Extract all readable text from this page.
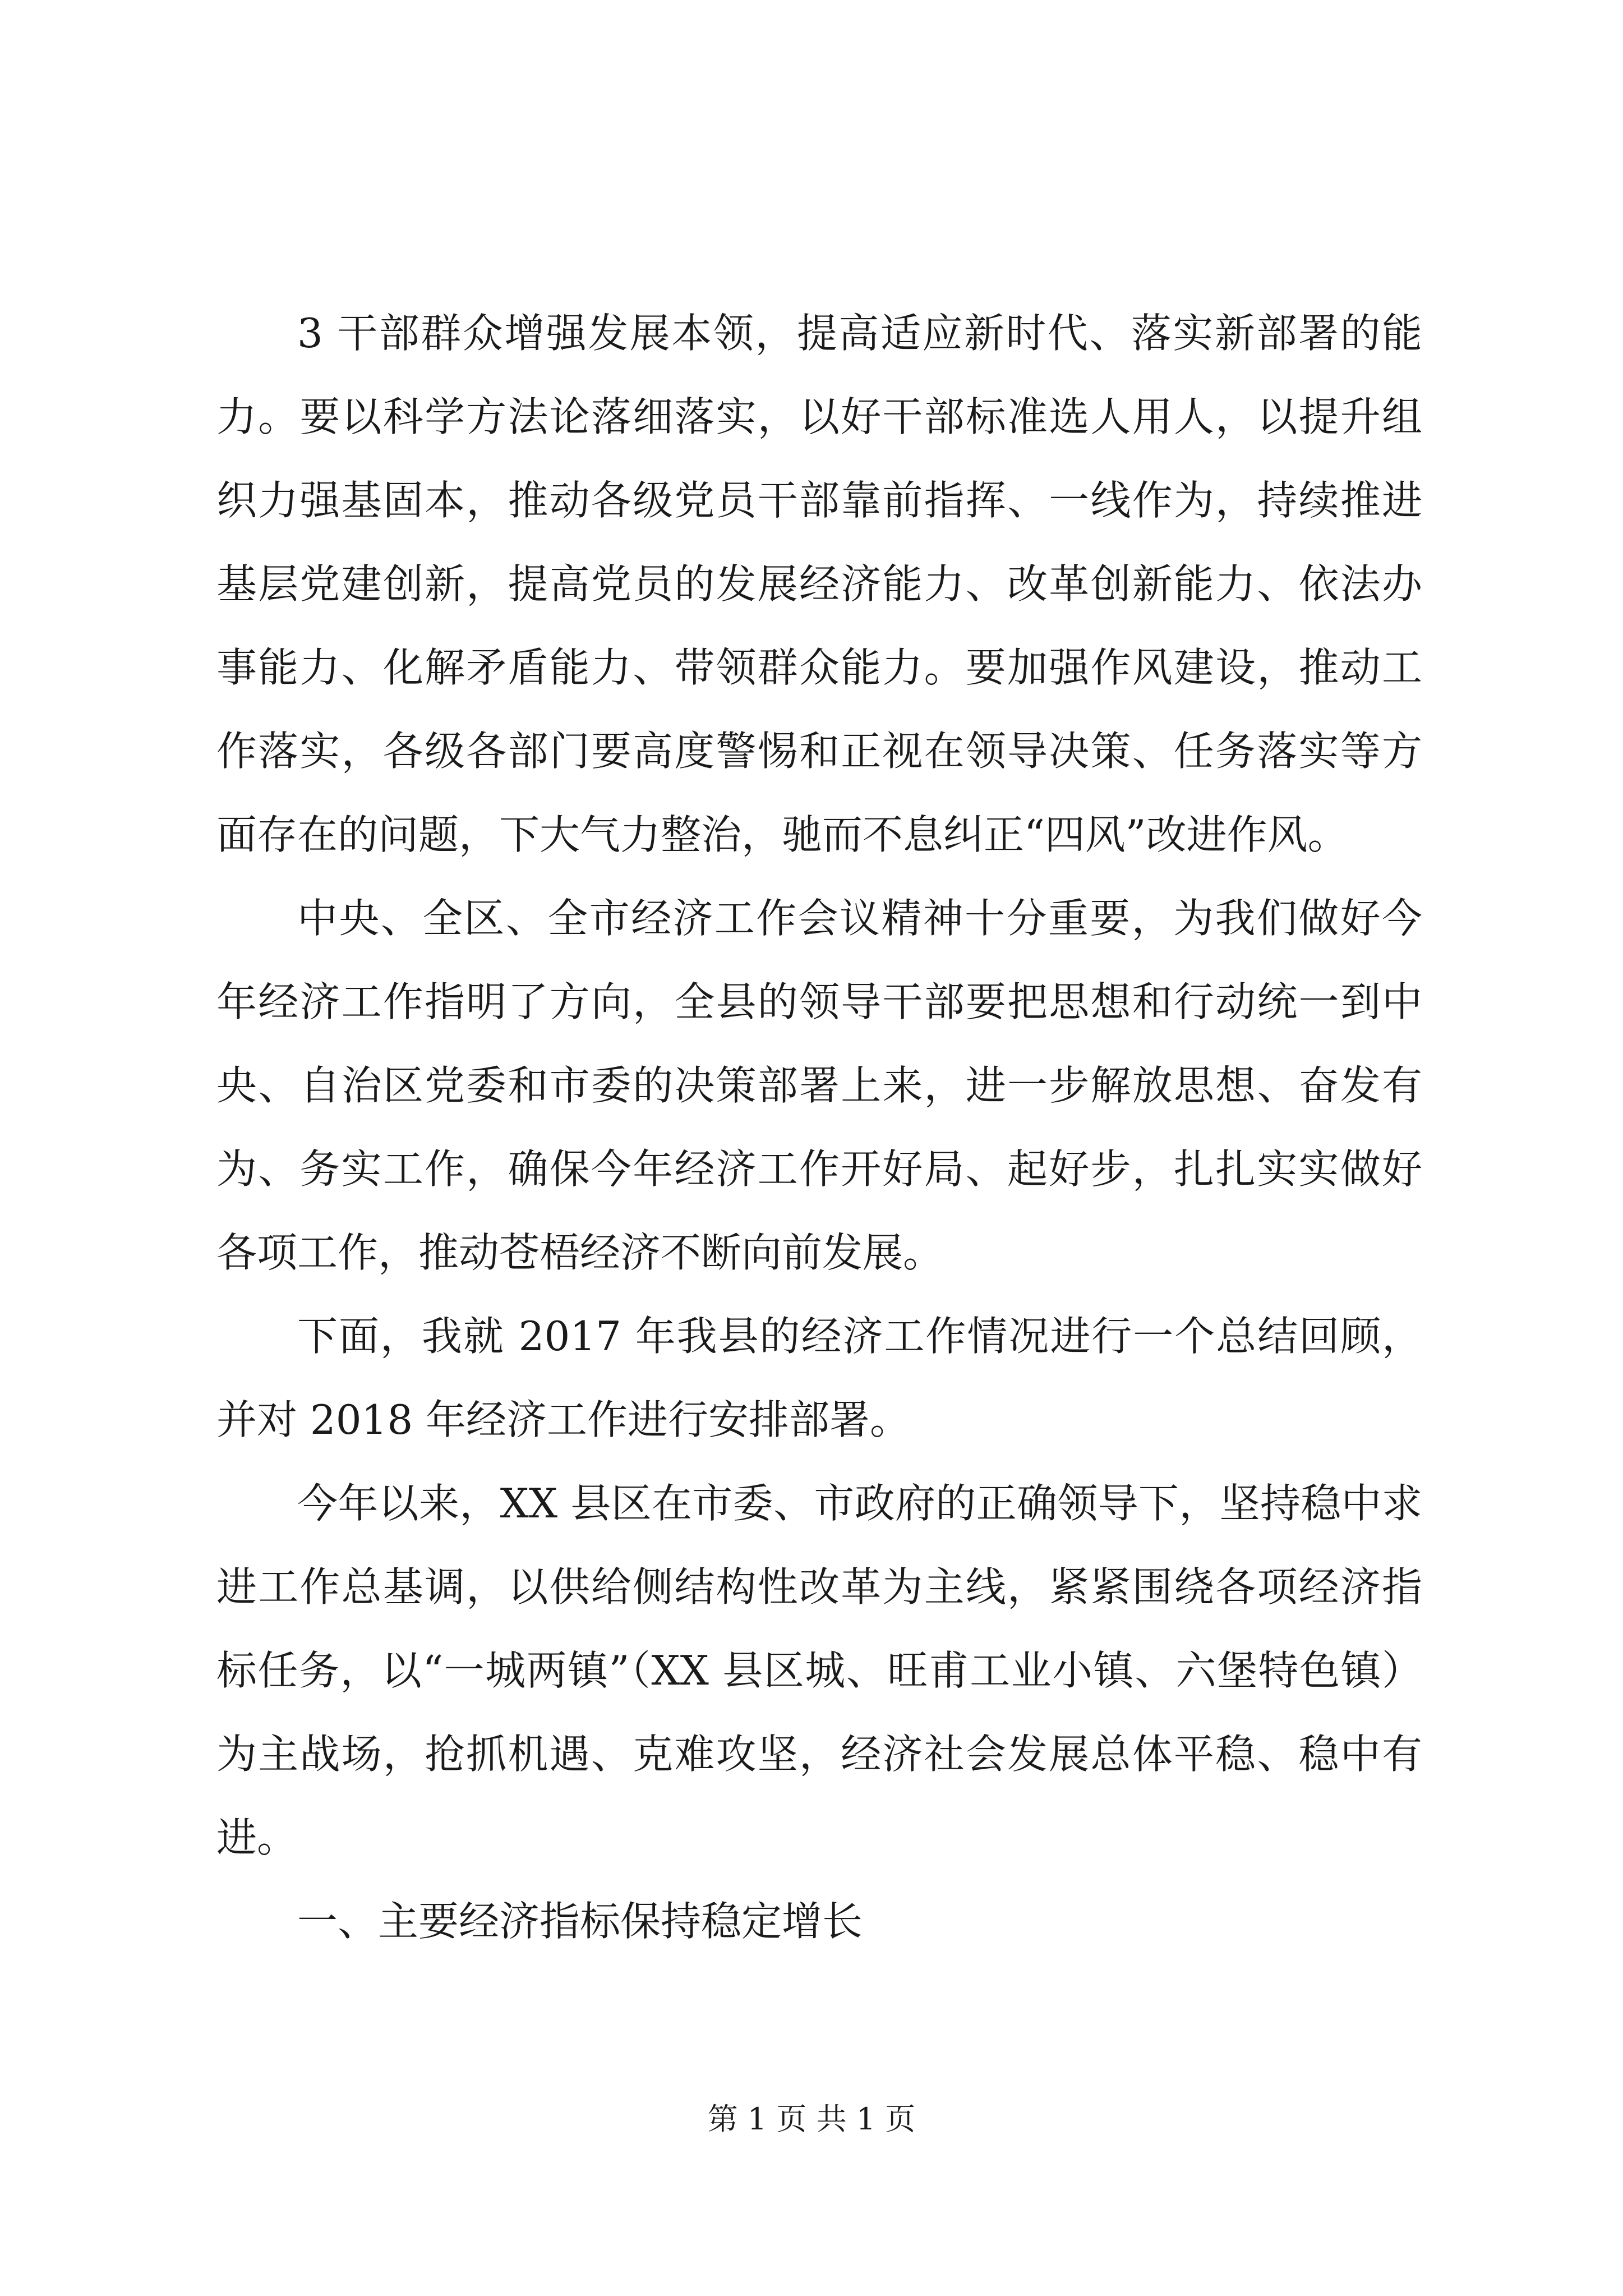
3 干部群众增强发展本领，提高适应新时代、落实新部署的能力。要以科学方法论落细落实，以好干部标准选人用人，以提升组织力强基固本，推动各级党员干部靠前指挥、一线作为，持续推进基层党建创新，提高党员的发展经济能力、改革创新能力、依法办事能力、化解矛盾能力、带领群众能力。要加强作风建设，推动工作落实，各级各部门要高度警惕和正视在领导决策、任务落实等方面存在的问题，下大气力整治，驰而不息纠正“四风”改进作风。

中央、全区、全市经济工作会议精神十分重要，为我们做好今年经济工作指明了方向，全县的领导干部要把思想和行动统一到中央、自治区党委和市委的决策部署上来，进一步解放思想、奋发有为、务实工作，确保今年经济工作开好局、起好步，扎扎实实做好各项工作，推动苍梧经济不断向前发展。

下面，我就 2017 年我县的经济工作情况进行一个总结回顾，并对 2018 年经济工作进行安排部署。

今年以来，XX 县区在市委、市政府的正确领导下，坚持稳中求进工作总基调，以供给侧结构性改革为主线，紧紧围绕各项经济指标任务，以“一城两镇”（XX 县区城、旺甫工业小镇、六堡特色镇）为主战场，抢抓机遇、克难攻坚，经济社会发展总体平稳、稳中有进。

一、主要经济指标保持稳定增长

第 1 页 共 1 页
